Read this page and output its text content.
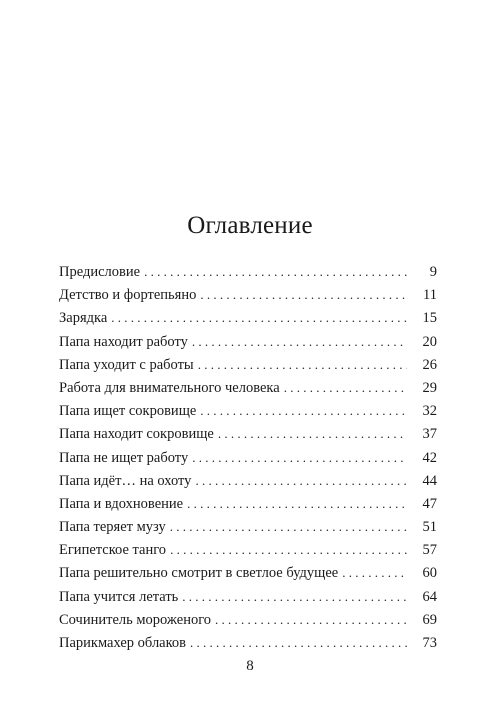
Оглавление
Предисловие . . .	9
Детство и фортепьяно . . .	11
Зарядка . . .	15
Папа находит работу . . .	20
Папа уходит с работы . . .	26
Работа для внимательного человека . . .	29
Папа ищет сокровище . . .	32
Папа находит сокровище . . .	37
Папа не ищет работу . . .	42
Папа идёт… на охоту . . .	44
Папа и вдохновение . . .	47
Папа теряет музу . . .	51
Египетское танго . . .	57
Папа решительно смотрит в светлое будущее . . .	60
Папа учится летать . . .	64
Сочинитель мороженого . . .	69
Парикмахер облаков . . .	73
8
